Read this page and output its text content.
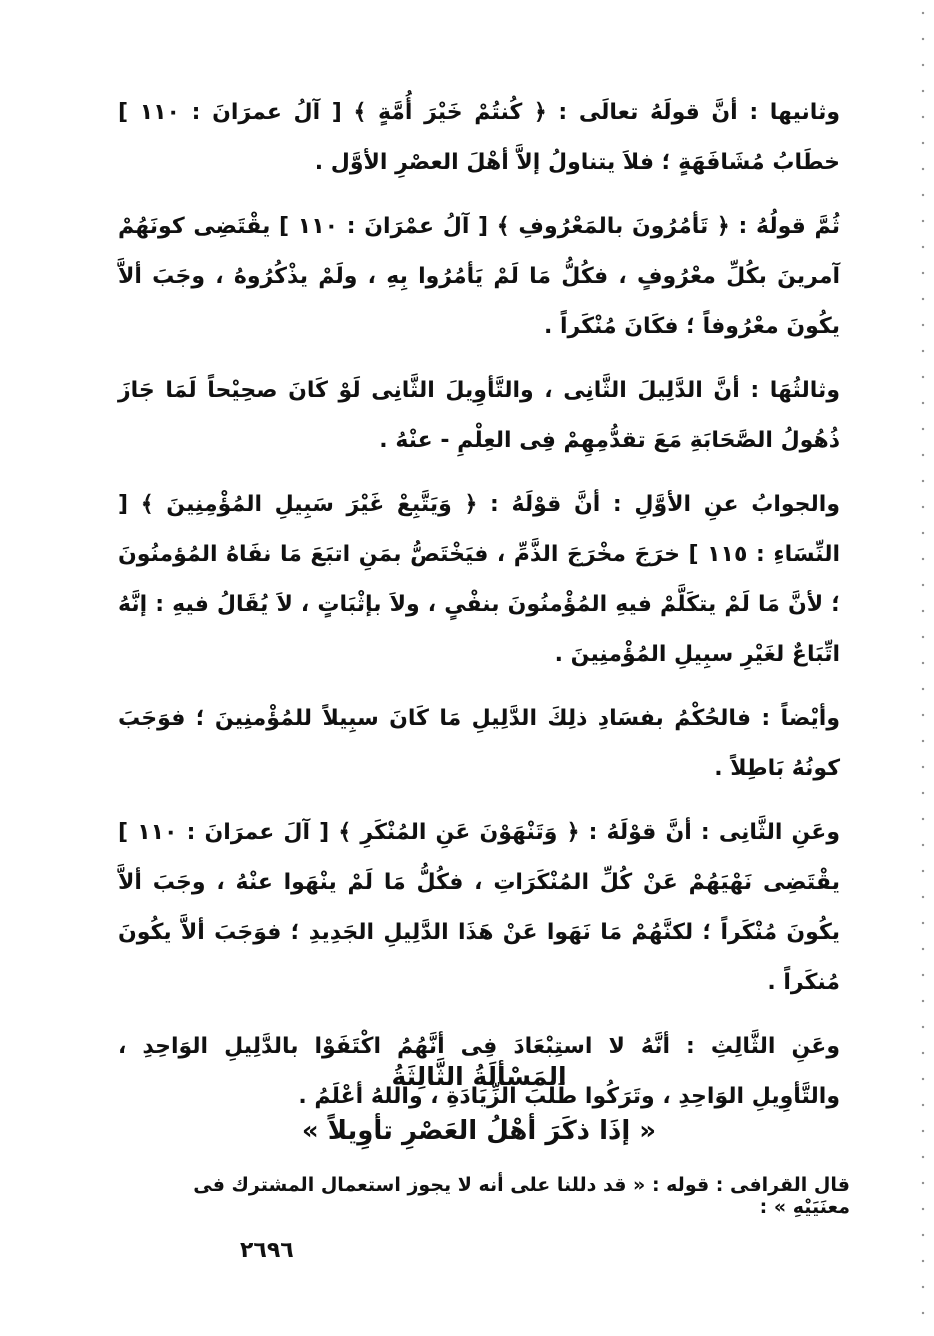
وثانيها : أنَّ قولَهُ تعالَى : ﴿ كُنتُمْ خَيْرَ أُمَّةٍ ﴾ [ آلُ عمرَانَ : ١١٠ ] خطَابُ مُشَافَهَةٍ ؛ فلاَ يتناولُ إلاَّ أهْلَ العصْرِ الأوَّل .

ثُمَّ قولُهُ : ﴿ تَأمُرُونَ بالمَعْرُوفِ ﴾ [ آلُ عمْرَانَ : ١١٠ ] يقْتَضِى كونَهُمْ آمرينَ بكُلِّ معْرُوفٍ ، فكُلُّ مَا لَمْ يَأمُرُوا بِهِ ، ولَمْ يذْكُرُوهُ ، وجَبَ ألاَّ يكُونَ معْرُوفاً ؛ فكَانَ مُنْكَراً .

وثالثُهَا : أنَّ الدَّلِيلَ الثَّانِى ، والتَّأوِيلَ الثَّانِى لَوْ كَانَ صحِيْحاً لَمَا جَازَ ذُهُولُ الصَّحَابَةِ مَعَ تقدُّمِهِمْ فِى العِلْمِ - عنْهُ .

والجوابُ عنِ الأوَّلِ : أنَّ قوْلَهُ : ﴿ وَيَتَّبِعْ غَيْرَ سَبِيلِ المُؤْمِنِينَ ﴾ [ النِّسَاءِ : ١١٥ ] خرَجَ مخْرَجَ الذَّمِّ ، فيَخْتَصُّ بمَنِ اتبَعَ مَا نفَاهُ المُؤمنُونَ ؛ لأنَّ مَا لَمْ يتكَلَّمْ فيهِ المُؤْمنُونَ بنفْىٍ ، ولاَ بإثْبَاتٍ ، لاَ يُقَالُ فيهِ : إنَّهُ اتِّبَاعٌ لغَيْرِ سبِيلِ المُؤْمنِينَ .

وأيْضاً : فالحُكْمُ بفسَادِ ذلِكَ الدَّلِيلِ مَا كَانَ سبِيلاً للمُؤْمنِينَ ؛ فوَجَبَ كونُهُ بَاطِلاً .

وعَنِ الثَّانِى : أنَّ قوْلَهُ : ﴿ وَتَنْهَوْنَ عَنِ المُنْكَرِ ﴾ [ آلَ عمرَانَ : ١١٠ ] يقْتَضِى نَهْيَهُمْ عَنْ كُلِّ المُنْكَرَاتِ ، فكُلُّ مَا لَمْ ينْهَوا عنْهُ ، وجَبَ ألاَّ يكُونَ مُنْكَراً ؛ لكنَّهُمْ مَا نَهَوا عَنْ هَذَا الدَّلِيلِ الجَدِيدِ ؛ فوَجَبَ ألاَّ يكُونَ مُنكَراً .

وعَنِ الثَّالِثِ : أنَّهُ لا استِبْعَادَ فِى أنَّهُمُ اكْتَفَوْا بالدَّلِيلِ الوَاحِدِ ، والتَّأوِيلِ الوَاحِدِ ، وتَرَكُوا طَلَبَ الزِّيَادَةِ ، واللهُ أعْلَمُ .

المَسْألَةُ الثَّالِثَةُ
« إذَا ذكَرَ أهْلُ العَصْرِ تأوِيلاً »
قال القرافى : قوله : « قد دللنا على أنه لا يجوز استعمال المشترك فى معنَيَيْهِ » :
٢٦٩٦
